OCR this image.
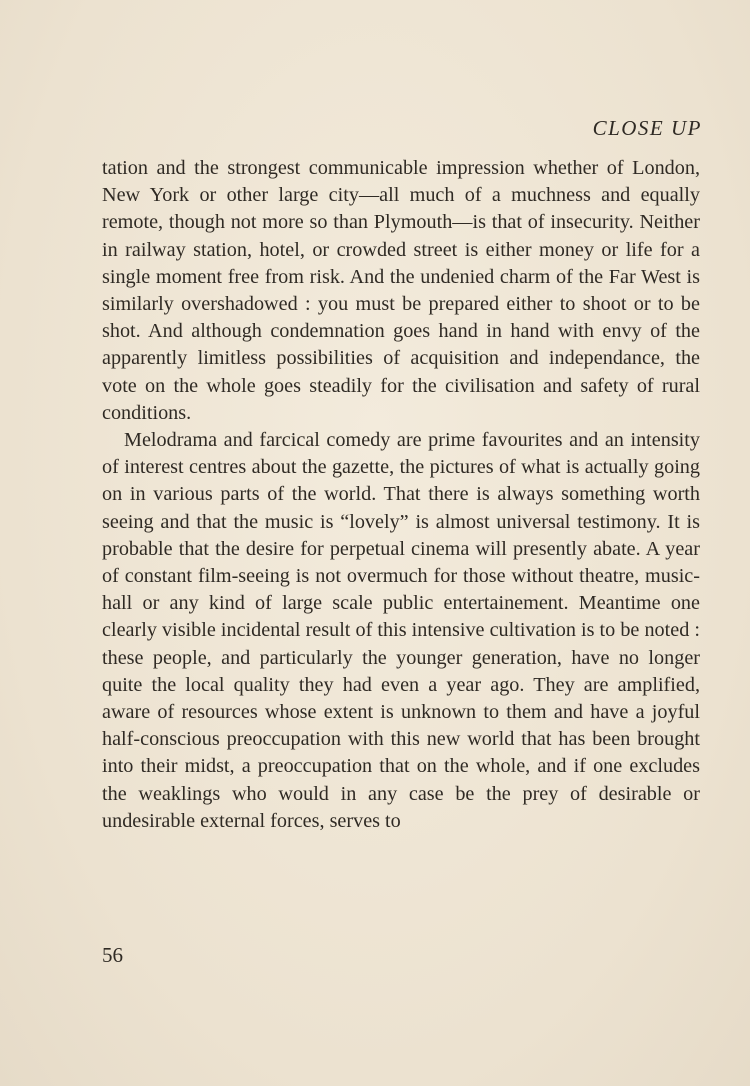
CLOSE UP

tation and the strongest communicable impression whether of London, New York or other large city—all much of a muchness and equally remote, though not more so than Plymouth—is that of insecurity. Neither in railway station, hotel, or crowded street is either money or life for a single moment free from risk. And the undenied charm of the Far West is similarly overshadowed : you must be prepared either to shoot or to be shot. And although condemnation goes hand in hand with envy of the apparently limitless possibilities of acquisition and independance, the vote on the whole goes steadily for the civilisation and safety of rural conditions.

Melodrama and farcical comedy are prime favourites and an intensity of interest centres about the gazette, the pictures of what is actually going on in various parts of the world. That there is always something worth seeing and that the music is “lovely” is almost universal testimony. It is probable that the desire for perpetual cinema will presently abate. A year of constant film-seeing is not overmuch for those without theatre, music-hall or any kind of large scale public entertainement. Meantime one clearly visible incidental result of this intensive cultivation is to be noted : these people, and particularly the younger generation, have no longer quite the local quality they had even a year ago. They are amplified, aware of resources whose extent is unknown to them and have a joyful half-conscious preoccupation with this new world that has been brought into their midst, a preoccupation that on the whole, and if one excludes the weaklings who would in any case be the prey of desirable or undesirable external forces, serves to

56
